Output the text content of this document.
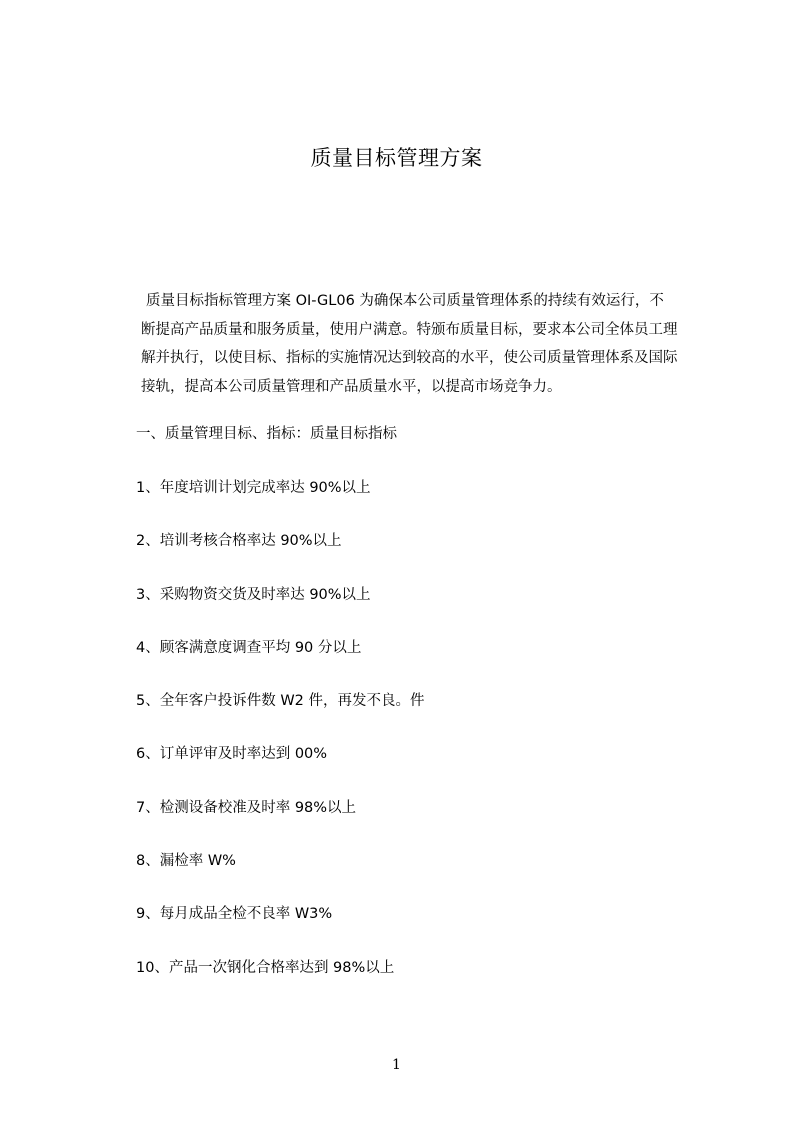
质量目标管理方案
质量目标指标管理方案 OI-GL06 为确保本公司质量管理体系的持续有效运行，不
断提高产品质量和服务质量，使用户满意。特颁布质量目标，要求本公司全体员工理
解并执行，以使目标、指标的实施情况达到较高的水平，使公司质量管理体系及国际
接轨，提高本公司质量管理和产品质量水平，以提高市场竞争力。
一、质量管理目标、指标：质量目标指标
1、年度培训计划完成率达 90%以上
2、培训考核合格率达 90%以上
3、采购物资交货及时率达 90%以上
4、顾客满意度调查平均 90 分以上
5、全年客户投诉件数 W2 件，再发不良。件
6、订单评审及时率达到 00%
7、检测设备校准及时率 98%以上
8、漏检率 W%
9、每月成品全检不良率 W3%
10、产品一次钢化合格率达到 98%以上
1
